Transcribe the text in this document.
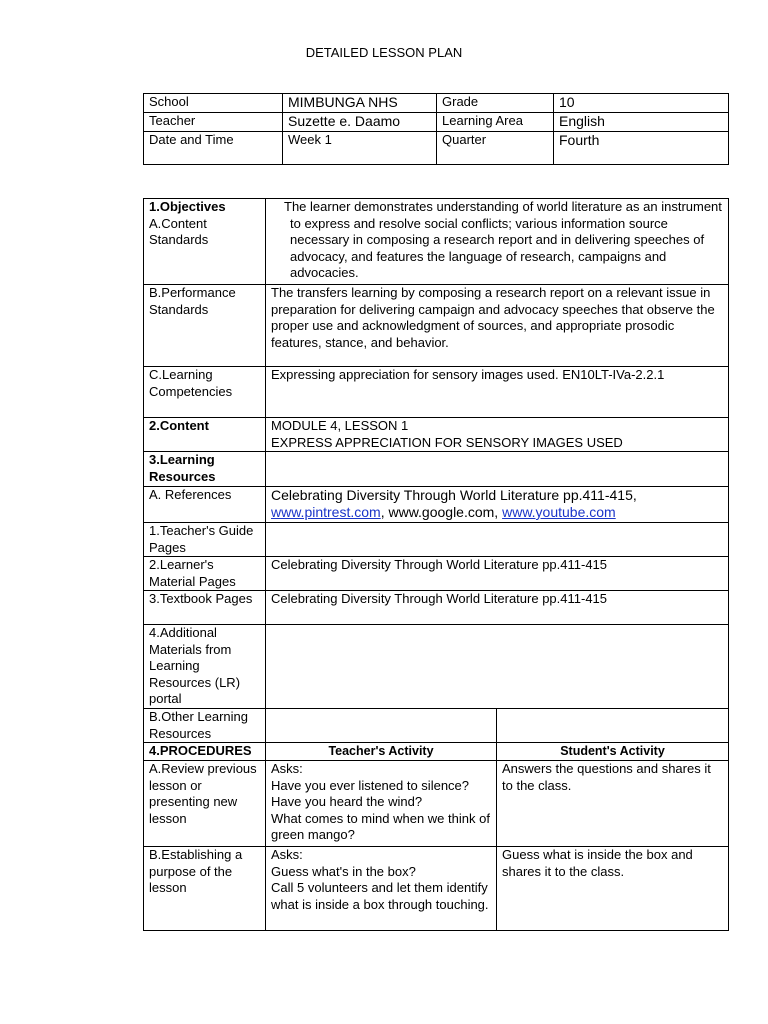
DETAILED LESSON PLAN
School	MIMBUNGA NHS	Grade	10
Teacher	Suzette e. Daamo	Learning Area	English
Date and Time	Week 1	Quarter	Fourth
1.Objectives
A.Content Standards	The learner demonstrates understanding of world literature as an instrument to express and resolve social conflicts; various information source necessary in composing a research report and in delivering speeches of advocacy, and features the language of research, campaigns and advocacies.	
B.Performance Standards	The transfers learning by composing a research report on a relevant issue in preparation for delivering campaign and advocacy speeches that observe the proper use and acknowledgment of sources, and appropriate prosodic features, stance, and behavior.	
C.Learning Competencies	Expressing appreciation for sensory images used. EN10LT-IVa-2.2.1	
2.Content	MODULE 4, LESSON 1
EXPRESS APPRECIATION FOR SENSORY IMAGES USED	

3.Learning Resources		
A. References	Celebrating Diversity Through World Literature pp.411-415,
www.pintrest.com, www.google.com, www.youtube.com	
1.Teacher's Guide Pages		
2.Learner's Material Pages	Celebrating Diversity Through World Literature pp.411-415	
3.Textbook Pages	Celebrating Diversity Through World Literature pp.411-415	
4.Additional Materials from Learning Resources (LR) portal		
B.Other Learning Resources		
4.PROCEDURES	Teacher's Activity	Student's Activity
A.Review previous lesson or presenting new lesson	Asks:
Have you ever listened to silence?
Have you heard the wind?
What comes to mind when we think of green mango?	Answers the questions and shares it to the class.
B.Establishing a purpose of the lesson	Asks:
Guess what's in the box?
Call 5 volunteers and let them identify what is inside a box through touching.	Guess what is inside the box and shares it to the class.
